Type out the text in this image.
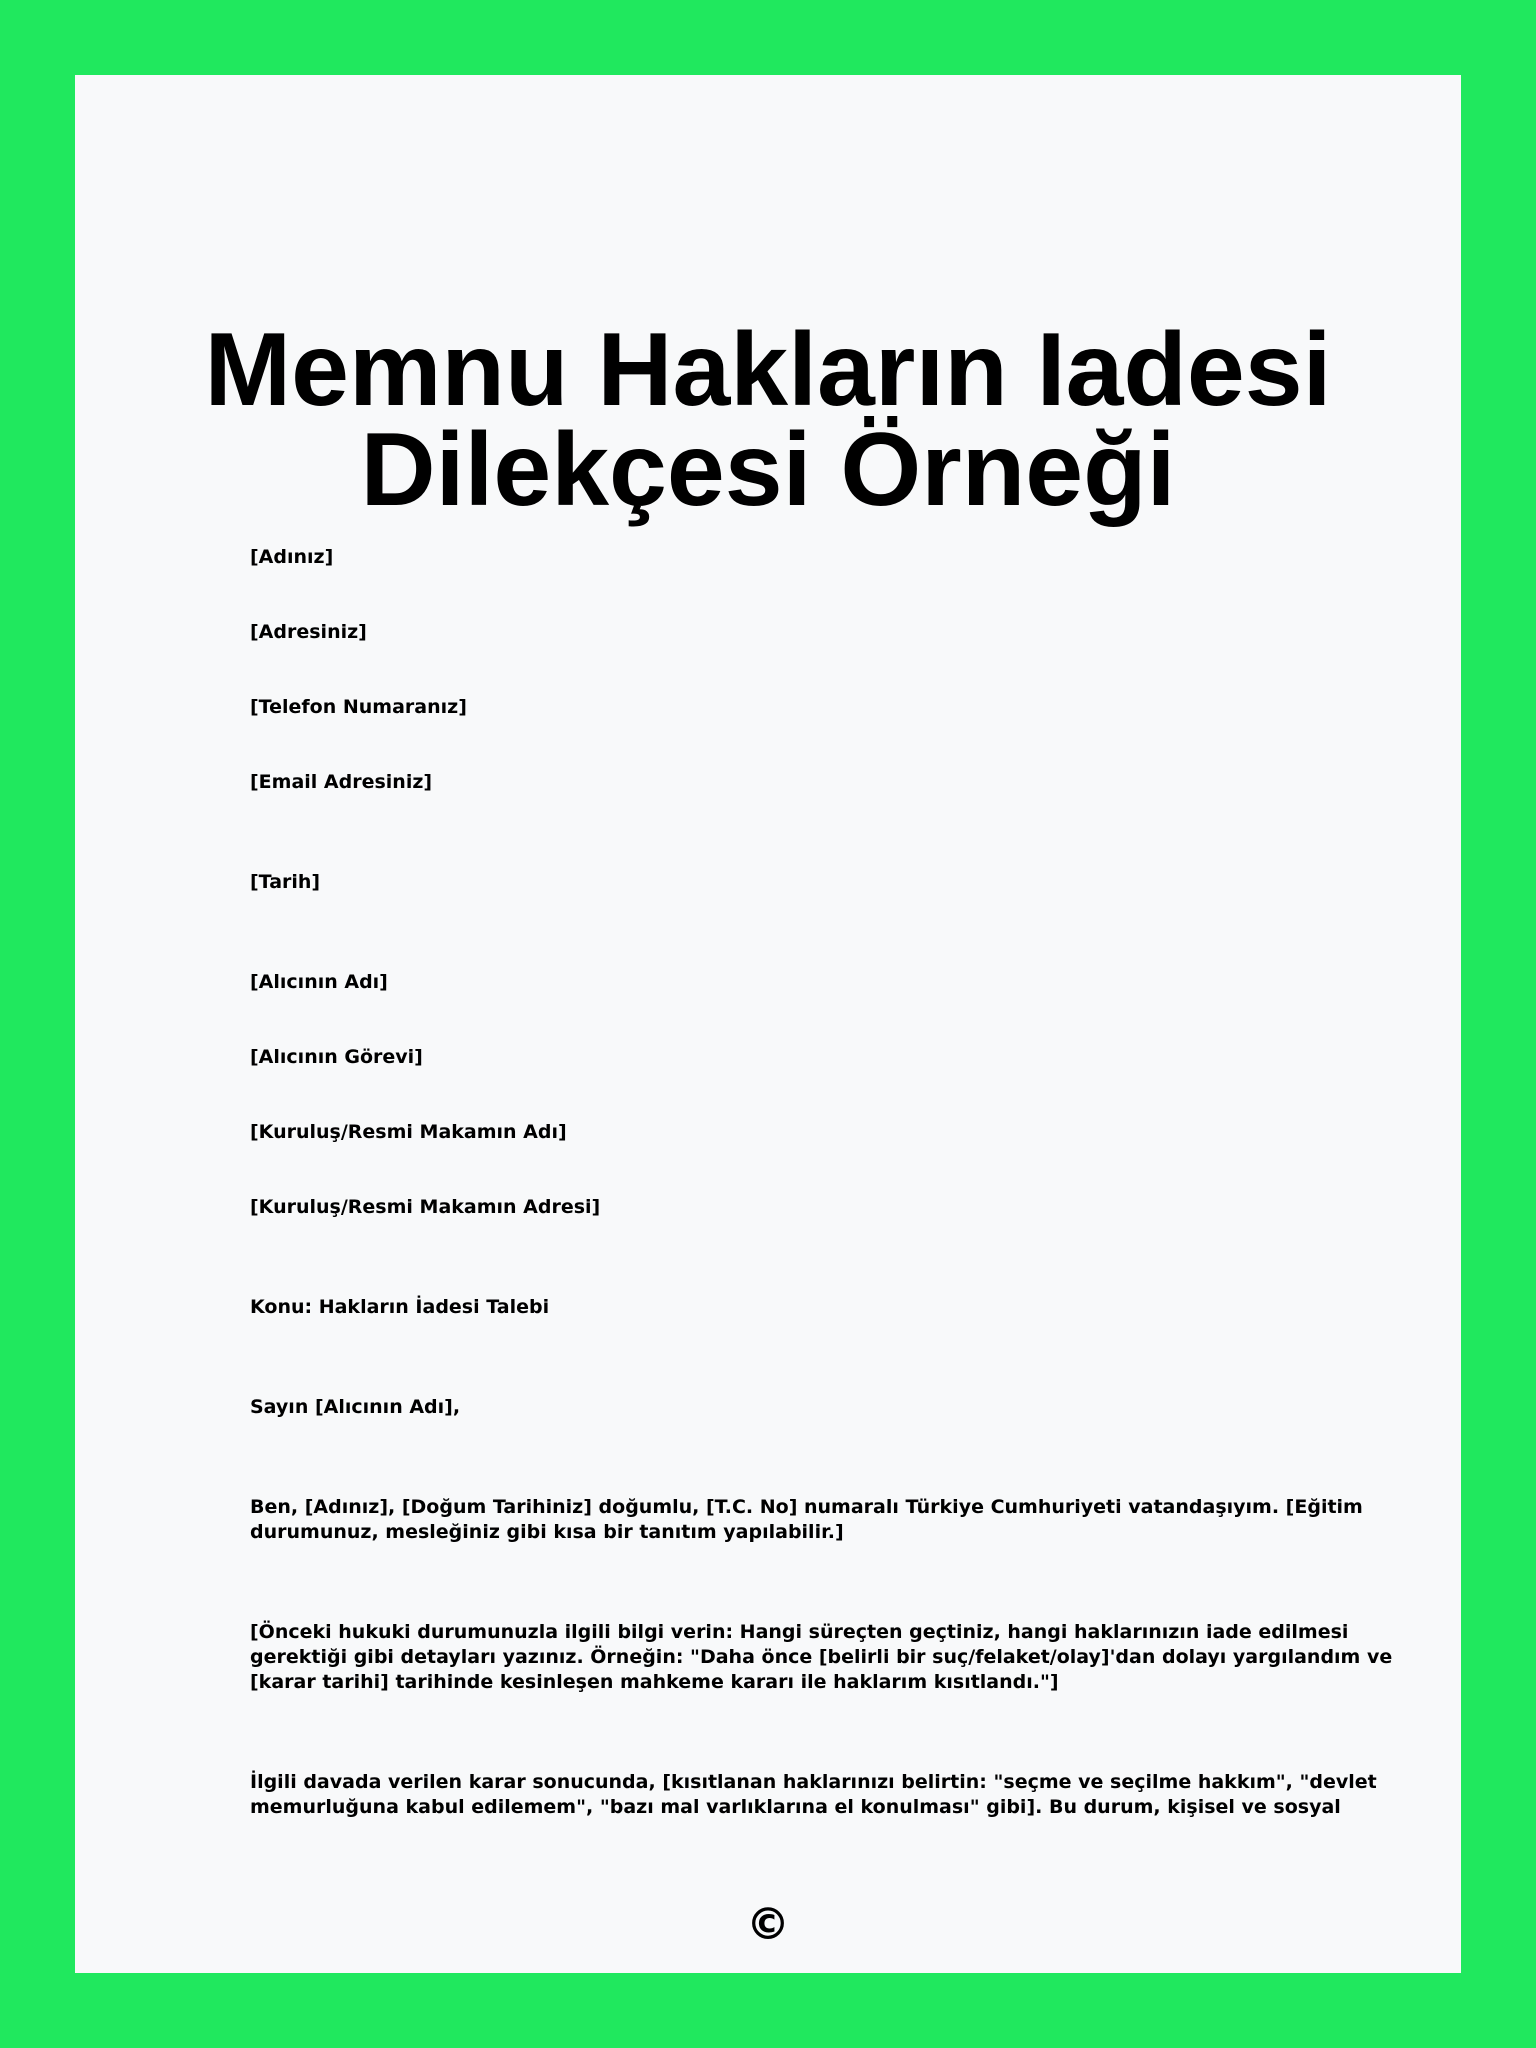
Memnu Hakların Iadesi
Dilekçesi Örneği
[Adınız]
[Adresiniz]
[Telefon Numaranız]
[Email Adresiniz]
[Tarih]
[Alıcının Adı]
[Alıcının Görevi]
[Kuruluş/Resmi Makamın Adı]
[Kuruluş/Resmi Makamın Adresi]
Konu: Hakların İadesi Talebi
Sayın [Alıcının Adı],
Ben, [Adınız], [Doğum Tarihiniz] doğumlu, [T.C. No] numaralı Türkiye Cumhuriyeti vatandaşıyım. [Eğitim
durumunuz, mesleğiniz gibi kısa bir tanıtım yapılabilir.]
[Önceki hukuki durumunuzla ilgili bilgi verin: Hangi süreçten geçtiniz, hangi haklarınızın iade edilmesi
gerektiği gibi detayları yazınız. Örneğin: "Daha önce [belirli bir suç/felaket/olay]'dan dolayı yargılandım ve
[karar tarihi] tarihinde kesinleşen mahkeme kararı ile haklarım kısıtlandı."]
İlgili davada verilen karar sonucunda, [kısıtlanan haklarınızı belirtin: "seçme ve seçilme hakkım", "devlet
memurluğuna kabul edilemem", "bazı mal varlıklarına el konulması" gibi]. Bu durum, kişisel ve sosyal
©
